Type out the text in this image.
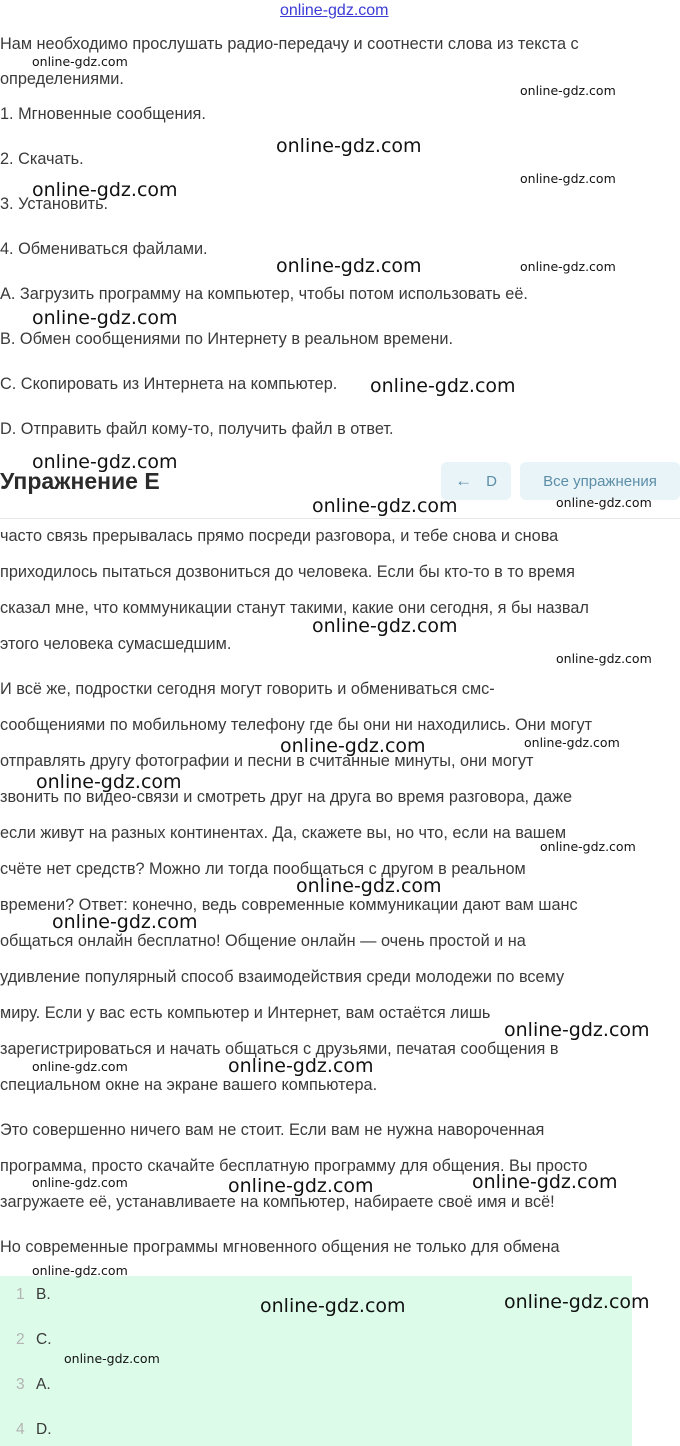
online-gdz.com
Нам необходимо прослушать радио-передачу и соотнести слова из текста с
определениями.
1. Мгновенные сообщения.
2. Скачать.
3. Установить.
4. Обмениваться файлами.
A. Загрузить программу на компьютер, чтобы потом использовать её.
B. Обмен сообщениями по Интернету в реальном времени.
C. Скопировать из Интернета на компьютер.
D. Отправить файл кому-то, получить файл в ответ.
Упражнение E	← D	Все упражнения
часто связь прерывалась прямо посреди разговора, и тебе снова и снова
приходилось пытаться дозвониться до человека. Если бы кто-то в то время
сказал мне, что коммуникации станут такими, какие они сегодня, я бы назвал
этого человека сумасшедшим.
И всё же, подростки сегодня могут говорить и обмениваться смс-
сообщениями по мобильному телефону где бы они ни находились. Они могут
отправлять другу фотографии и песни в считанные минуты, они могут
звонить по видео-связи и смотреть друг на друга во время разговора, даже
если живут на разных континентах. Да, скажете вы, но что, если на вашем
счёте нет средств? Можно ли тогда пообщаться с другом в реальном
времени? Ответ: конечно, ведь современные коммуникации дают вам шанс
общаться онлайн бесплатно! Общение онлайн — очень простой и на
удивление популярный способ взаимодействия среди молодежи по всему
миру. Если у вас есть компьютер и Интернет, вам остаётся лишь
зарегистрироваться и начать общаться с друзьями, печатая сообщения в
специальном окне на экране вашего компьютера.
Это совершенно ничего вам не стоит. Если вам не нужна навороченная
программа, просто скачайте бесплатную программу для общения. Вы просто
загружаете её, устанавливаете на компьютер, набираете своё имя и всё!
Но современные программы мгновенного общения не только для обмена
1 B.
2 C.
3 A.
4 D.
online-gdz.com
online-gdz.com
online-gdz.com
online-gdz.com
online-gdz.com
online-gdz.com	online-gdz.com
online-gdz.com
online-gdz.com
online-gdz.com
online-gdz.com	online-gdz.com
online-gdz.com
online-gdz.com
online-gdz.com	online-gdz.com
online-gdz.com
online-gdz.com
online-gdz.com
online-gdz.com
online-gdz.com
online-gdz.com
online-gdz.com
online-gdz.com
online-gdz.com	online-gdz.com
online-gdz.com
online-gdz.com
online-gdz.com
online-gdz.com
